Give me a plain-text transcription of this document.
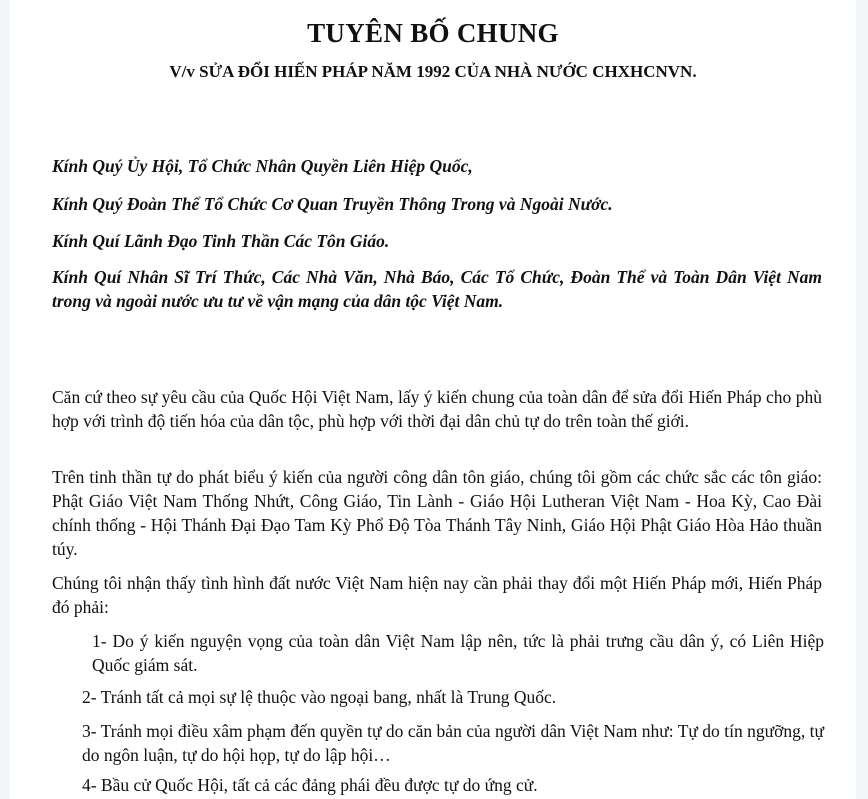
TUYÊN BỐ CHUNG
V/v SỬA ĐỔI HIẾN PHÁP NĂM 1992 CỦA NHÀ NƯỚC CHXHCNVN.
Kính Quý Ủy Hội, Tổ Chức Nhân Quyền Liên Hiệp Quốc,
Kính Quý Đoàn Thể Tổ Chức Cơ Quan Truyền Thông Trong và Ngoài Nước.
Kính Quí Lãnh Đạo Tinh Thần Các Tôn Giáo.
Kính Quí Nhân Sĩ Trí Thức, Các Nhà Văn, Nhà Báo, Các Tổ Chức, Đoàn Thể và Toàn Dân Việt Nam trong và ngoài nước ưu tư về vận mạng của dân tộc Việt Nam.
Căn cứ theo sự yêu cầu của Quốc Hội Việt Nam, lấy ý kiến chung của toàn dân để sửa đổi Hiến Pháp cho phù hợp với trình độ tiến hóa của dân tộc, phù hợp với thời đại dân chủ tự do trên toàn thế giới.
Trên tinh thần tự do phát biểu ý kiến của người công dân tôn giáo, chúng tôi gồm các chức sắc các tôn giáo: Phật Giáo Việt Nam Thống Nhứt, Công Giáo, Tin Lành - Giáo Hội Lutheran Việt Nam - Hoa Kỳ, Cao Đài chính thống - Hội Thánh Đại Đạo Tam Kỳ Phổ Độ Tòa Thánh Tây Ninh, Giáo Hội Phật Giáo Hòa Hảo thuần túy.
Chúng tôi nhận thấy tình hình đất nước Việt Nam hiện nay cần phải thay đổi một Hiến Pháp mới, Hiến Pháp đó phải:
1- Do ý kiến nguyện vọng của toàn dân Việt Nam lập nên, tức là phải trưng cầu dân ý, có Liên Hiệp Quốc giám sát.
2- Tránh tất cả mọi sự lệ thuộc vào ngoại bang, nhất là Trung Quốc.
3- Tránh mọi điều xâm phạm đến quyền tự do căn bản của người dân Việt Nam như: Tự do tín ngưỡng, tự do ngôn luận, tự do hội họp, tự do lập hội…
4- Bầu cử Quốc Hội, tất cả các đảng phái đều được tự do ứng cử.
